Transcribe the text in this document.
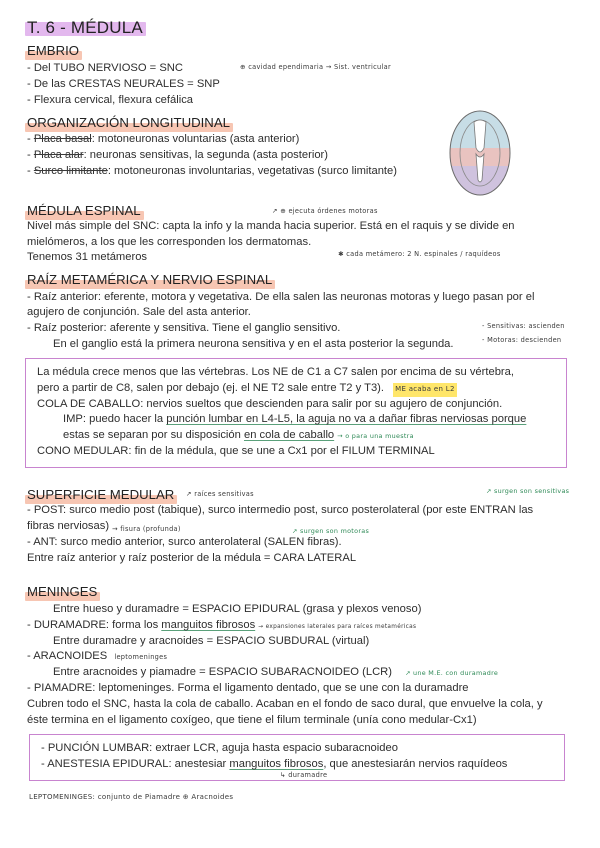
T. 6 - MÉDULA
EMBRIO
- Del TUBO NERVIOSO = SNC
- De las CRESTAS NEURALES = SNP
- Flexura cervical, flexura cefálica
⊕ cavidad ependimaria → Sist. ventricular
ORGANIZACIÓN LONGITUDINAL
- Placa basal: motoneuronas voluntarias (asta anterior)
- Placa alar: neuronas sensitivas, la segunda (asta posterior)
- Surco limitante: motoneuronas involuntarias, vegetativas (surco limitante)
MÉDULA ESPINAL	↗ ⊕ ejecuta órdenes motoras
Nivel más simple del SNC: capta la info y la manda hacia superior. Está en el raquis y se divide en
mielómeros, a los que les corresponden los dermatomas.
Tenemos 31 metámeros	✱ cada metámero: 2 N. espinales / raquídeos
RAÍZ METAMÉRICA Y NERVIO ESPINAL
- Raíz anterior: eferente, motora y vegetativa. De ella salen las neuronas motoras y luego pasan por el
agujero de conjunción. Sale del asta anterior.
- Raíz posterior: aferente y sensitiva. Tiene el ganglio sensitivo.
En el ganglio está la primera neurona sensitiva y en el asta posterior la segunda.
- Sensitivas: ascienden
- Motoras: descienden
La médula crece menos que las vértebras. Los NE de C1 a C7 salen por encima de su vértebra,
pero a partir de C8, salen por debajo (ej. el NE T2 sale entre T2 y T3). ME acaba en L2
COLA DE CABALLO: nervios sueltos que descienden para salir por su agujero de conjunción.
IMP: puedo hacer la punción lumbar en L4-L5, la aguja no va a dañar fibras nerviosas porque
estas se separan por su disposición en cola de caballo → o para una muestra
CONO MEDULAR: fin de la médula, que se une a Cx1 por el FILUM TERMINAL
SUPERFICIE MEDULAR ↗ raíces sensitivas	↗ surgen son sensitivas
- POST: surco medio post (tabique), surco intermedio post, surco posterolateral (por este ENTRAN las
fibras nerviosas) → fisura (profunda)	↗ surgen son motoras
- ANT: surco medio anterior, surco anterolateral (SALEN fibras).
Entre raíz anterior y raíz posterior de la médula = CARA LATERAL
MENINGES
Entre hueso y duramadre = ESPACIO EPIDURAL (grasa y plexos venoso)
- DURAMADRE: forma los manguitos fibrosos → expansiones laterales para raíces metaméricas
Entre duramadre y aracnoides = ESPACIO SUBDURAL (virtual)
- ARACNOIDES leptomeninges
Entre aracnoides y piamadre = ESPACIO SUBARACNOIDEO (LCR) ↗ une M.E. con duramadre
- PIAMADRE: leptomeninges. Forma el ligamento dentado, que se une con la duramadre
Cubren todo el SNC, hasta la cola de caballo. Acaban en el fondo de saco dural, que envuelve la cola, y
éste termina en el ligamento coxígeo, que tiene el filum terminale (unía cono medular-Cx1)
- PUNCIÓN LUMBAR: extraer LCR, aguja hasta espacio subaracnoideo
- ANESTESIA EPIDURAL: anestesiar manguitos fibrosos, que anestesiarán nervios raquídeos
↳ duramadre
LEPTOMENINGES: conjunto de Piamadre ⊕ Aracnoides
